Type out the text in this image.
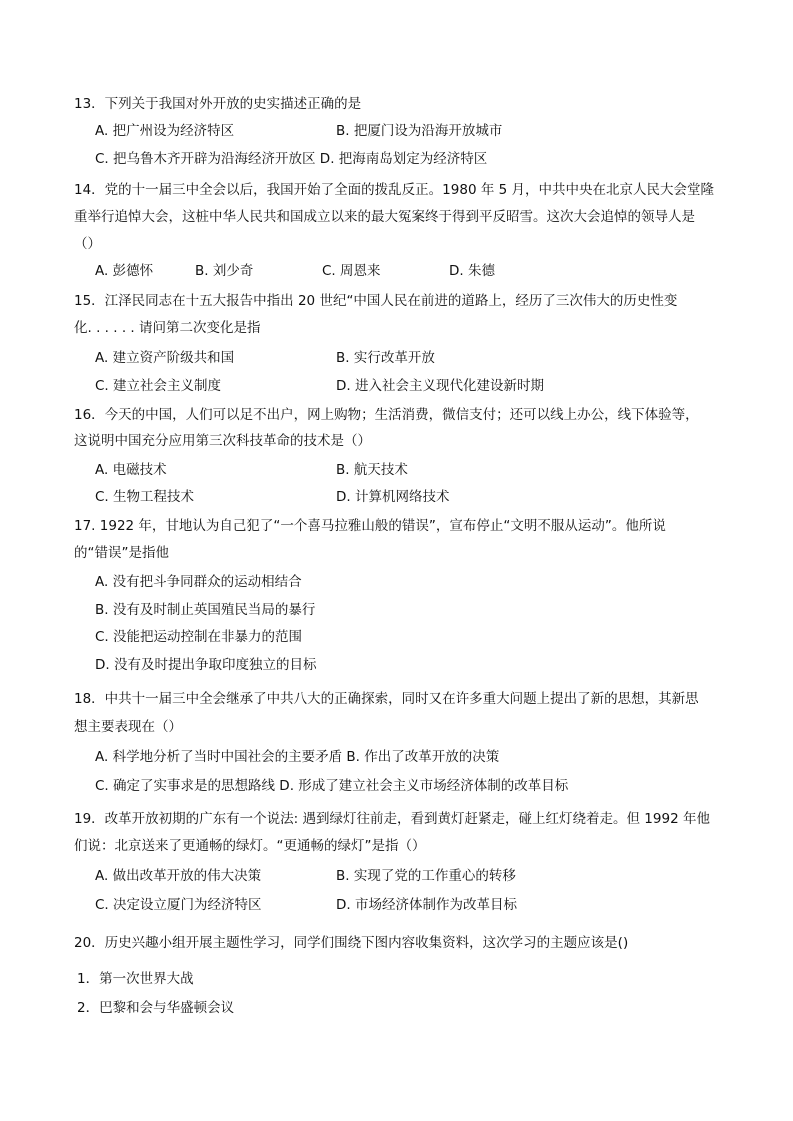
13．下列关于我国对外开放的史实描述正确的是
A. 把广州设为经济特区	B. 把厦门设为沿海开放城市
C. 把乌鲁木齐开辟为沿海经济开放区 D. 把海南岛划定为经济特区
14．党的十一届三中全会以后，我国开始了全面的拨乱反正。1980 年 5 月，中共中央在北京人民大会堂隆
重举行追悼大会，这桩中华人民共和国成立以来的最大冤案终于得到平反昭雪。这次大会追悼的领导人是
（）
A. 彭德怀	B. 刘少奇	C. 周恩来	D. 朱德
15．江泽民同志在十五大报告中指出 20 世纪“中国人民在前进的道路上，经历了三次伟大的历史性变
化. . . . . . 请问第二次变化是指
A. 建立资产阶级共和国	B. 实行改革开放
C. 建立社会主义制度	D. 进入社会主义现代化建设新时期
16．今天的中国，人们可以足不出户，网上购物；生活消费，微信支付；还可以线上办公，线下体验等，
这说明中国充分应用第三次科技革命的技术是（）
A. 电磁技术	B. 航天技术
C. 生物工程技术	D. 计算机网络技术
17. 1922 年，甘地认为自己犯了“一个喜马拉雅山般的错误”，宣布停止“文明不服从运动”。他所说
的“错误”是指他
A. 没有把斗争同群众的运动相结合
B. 没有及时制止英国殖民当局的暴行
C. 没能把运动控制在非暴力的范围
D. 没有及时提出争取印度独立的目标
18．中共十一届三中全会继承了中共八大的正确探索，同时又在许多重大问题上提出了新的思想，其新思
想主要表现在（）
A. 科学地分析了当时中国社会的主要矛盾 B. 作出了改革开放的决策
C. 确定了实事求是的思想路线 D. 形成了建立社会主义市场经济体制的改革目标
19．改革开放初期的广东有一个说法: 遇到绿灯往前走，看到黄灯赶紧走，碰上红灯绕着走。但 1992 年他
们说：北京送来了更通畅的绿灯。“更通畅的绿灯”是指（）
A. 做出改革开放的伟大决策	B. 实现了党的工作重心的转移
C. 决定设立厦门为经济特区	D. 市场经济体制作为改革目标
20．历史兴趣小组开展主题性学习，同学们围绕下图内容收集资料，这次学习的主题应该是()
1．第一次世界大战
2．巴黎和会与华盛顿会议
